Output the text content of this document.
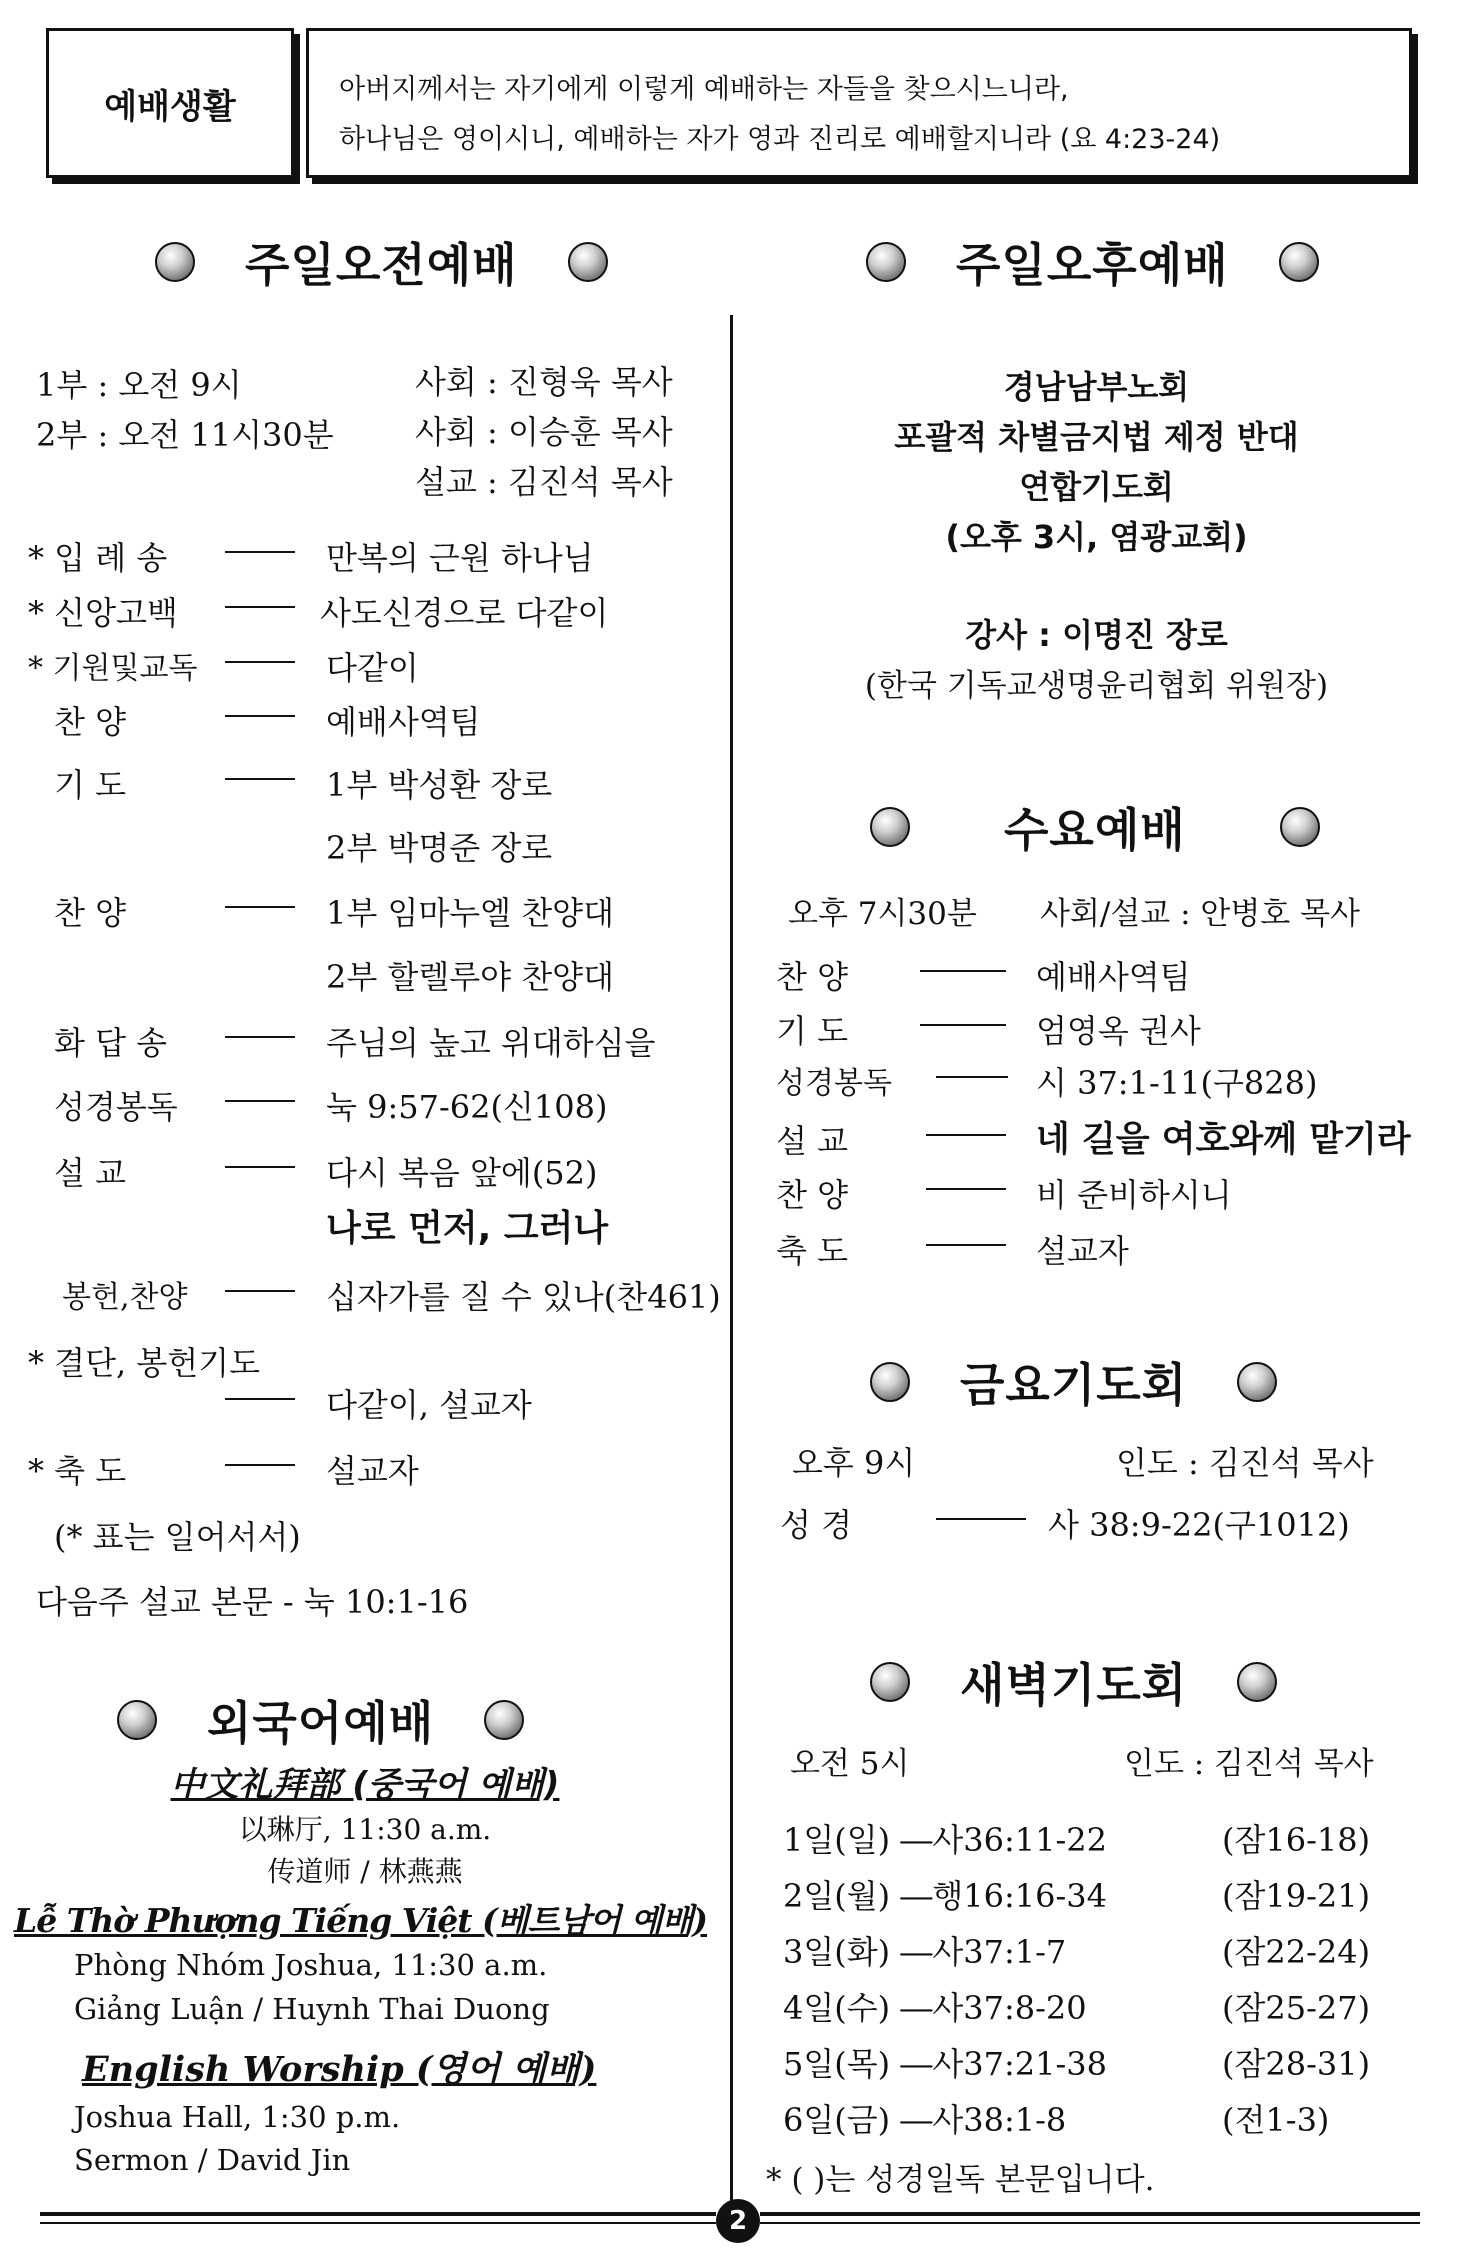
예배생활	아버지께서는 자기에게 이렇게 예배하는 자들을 찾으시느니라,
하나님은 영이시니, 예배하는 자가 영과 진리로 예배할지니라 (요 4:23-24)
주일오전예배
1부 : 오전 9시	사회 : 진형욱 목사
2부 : 오전 11시30분	사회 : 이승훈 목사
설교 : 김진석 목사
* 입 례 송	만복의 근원 하나님
* 신앙고백	사도신경으로 다같이
* 기원및교독	다같이
찬 양	예배사역팀
기 도	1부 박성환 장로
2부 박명준 장로
찬 양	1부 임마누엘 찬양대
2부 할렐루야 찬양대
화 답 송	주님의 높고 위대하심을
성경봉독	눅 9:57-62(신108)
설 교	다시 복음 앞에(52)
나로 먼저, 그러나
봉헌,찬양	십자가를 질 수 있나(찬461)
* 결단, 봉헌기도
다같이, 설교자
* 축 도	설교자
(* 표는 일어서서)
다음주 설교 본문 - 눅 10:1-16
외국어예배
中文礼拜部 (중국어 예배)
以琳厅, 11:30 a.m.
传道师 / 林燕燕
Lễ Thờ Phượng Tiếng Việt (베트남어 예배)
Phòng Nhóm Joshua, 11:30 a.m.
Giảng Luận / Huynh Thai Duong
English Worship (영어 예배)
Joshua Hall, 1:30 p.m.
Sermon / David Jin
주일오후예배
경남남부노회
포괄적 차별금지법 제정 반대
연합기도회
(오후 3시, 염광교회)
강사 : 이명진 장로
(한국 기독교생명윤리협회 위원장)
수요예배
오후 7시30분 사회/설교 : 안병호 목사
찬 양	예배사역팀
기 도	엄영옥 권사
성경봉독	시 37:1-11(구828)
설 교	네 길을 여호와께 맡기라
찬 양	비 준비하시니
축 도	설교자
금요기도회
오후 9시	인도 : 김진석 목사
성 경	사 38:9-22(구1012)
새벽기도회
오전 5시	인도 : 김진석 목사
1일(일) ―사36:11-22	(잠16-18)
2일(월) ―행16:16-34	(잠19-21)
3일(화) ―사37:1-7	(잠22-24)
4일(수) ―사37:8-20	(잠25-27)
5일(목) ―사37:21-38	(잠28-31)
6일(금) ―사38:1-8	(전1-3)
* ( )는 성경일독 본문입니다.
2
